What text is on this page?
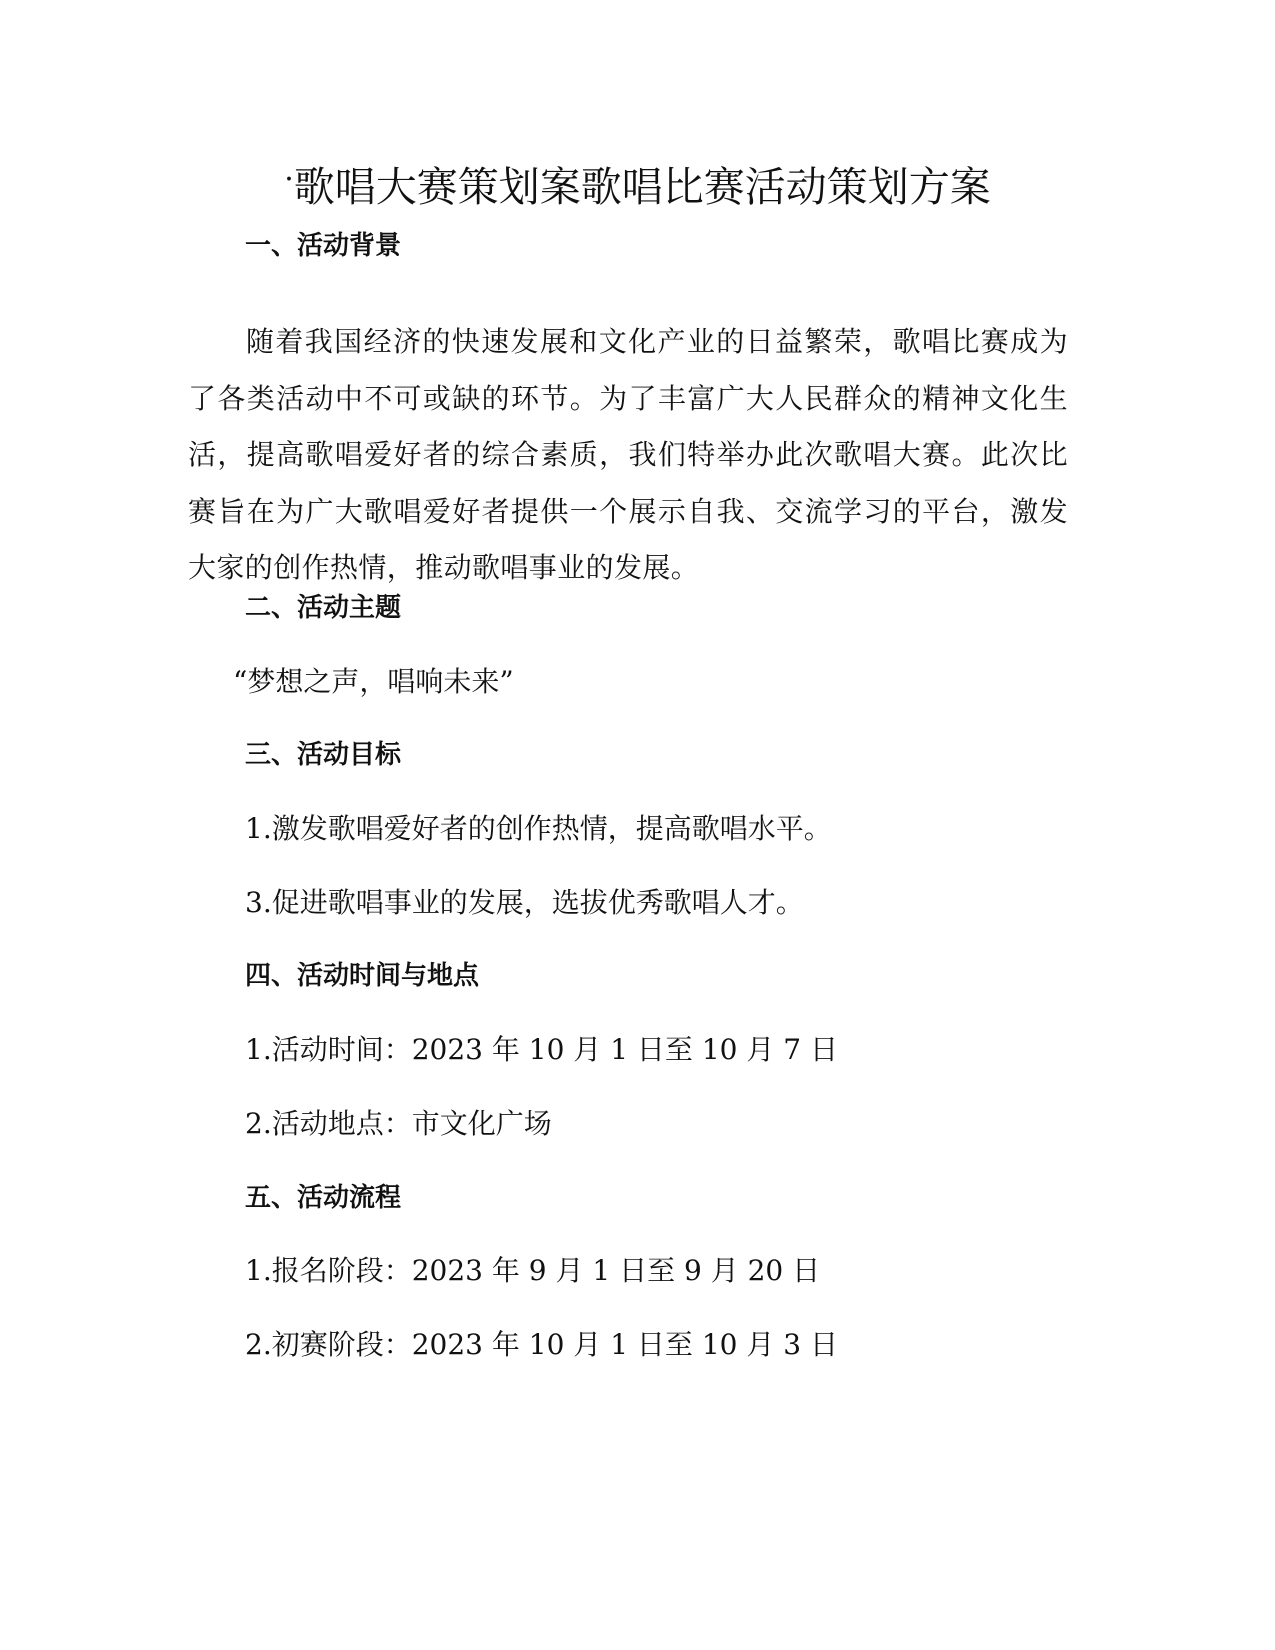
·歌唱大赛策划案歌唱比赛活动策划方案
一、活动背景

随着我国经济的快速发展和文化产业的日益繁荣，歌唱比赛成为了各类活动中不可或缺的环节。为了丰富广大人民群众的精神文化生活，提高歌唱爱好者的综合素质，我们特举办此次歌唱大赛。此次比赛旨在为广大歌唱爱好者提供一个展示自我、交流学习的平台，激发大家的创作热情，推动歌唱事业的发展。

二、活动主题

“梦想之声，唱响未来”

三、活动目标

1.激发歌唱爱好者的创作热情，提高歌唱水平。

3.促进歌唱事业的发展，选拔优秀歌唱人才。

四、活动时间与地点

1.活动时间：2023 年 10 月 1 日至 10 月 7 日

2.活动地点：市文化广场

五、活动流程

1.报名阶段：2023 年 9 月 1 日至 9 月 20 日

2.初赛阶段：2023 年 10 月 1 日至 10 月 3 日
